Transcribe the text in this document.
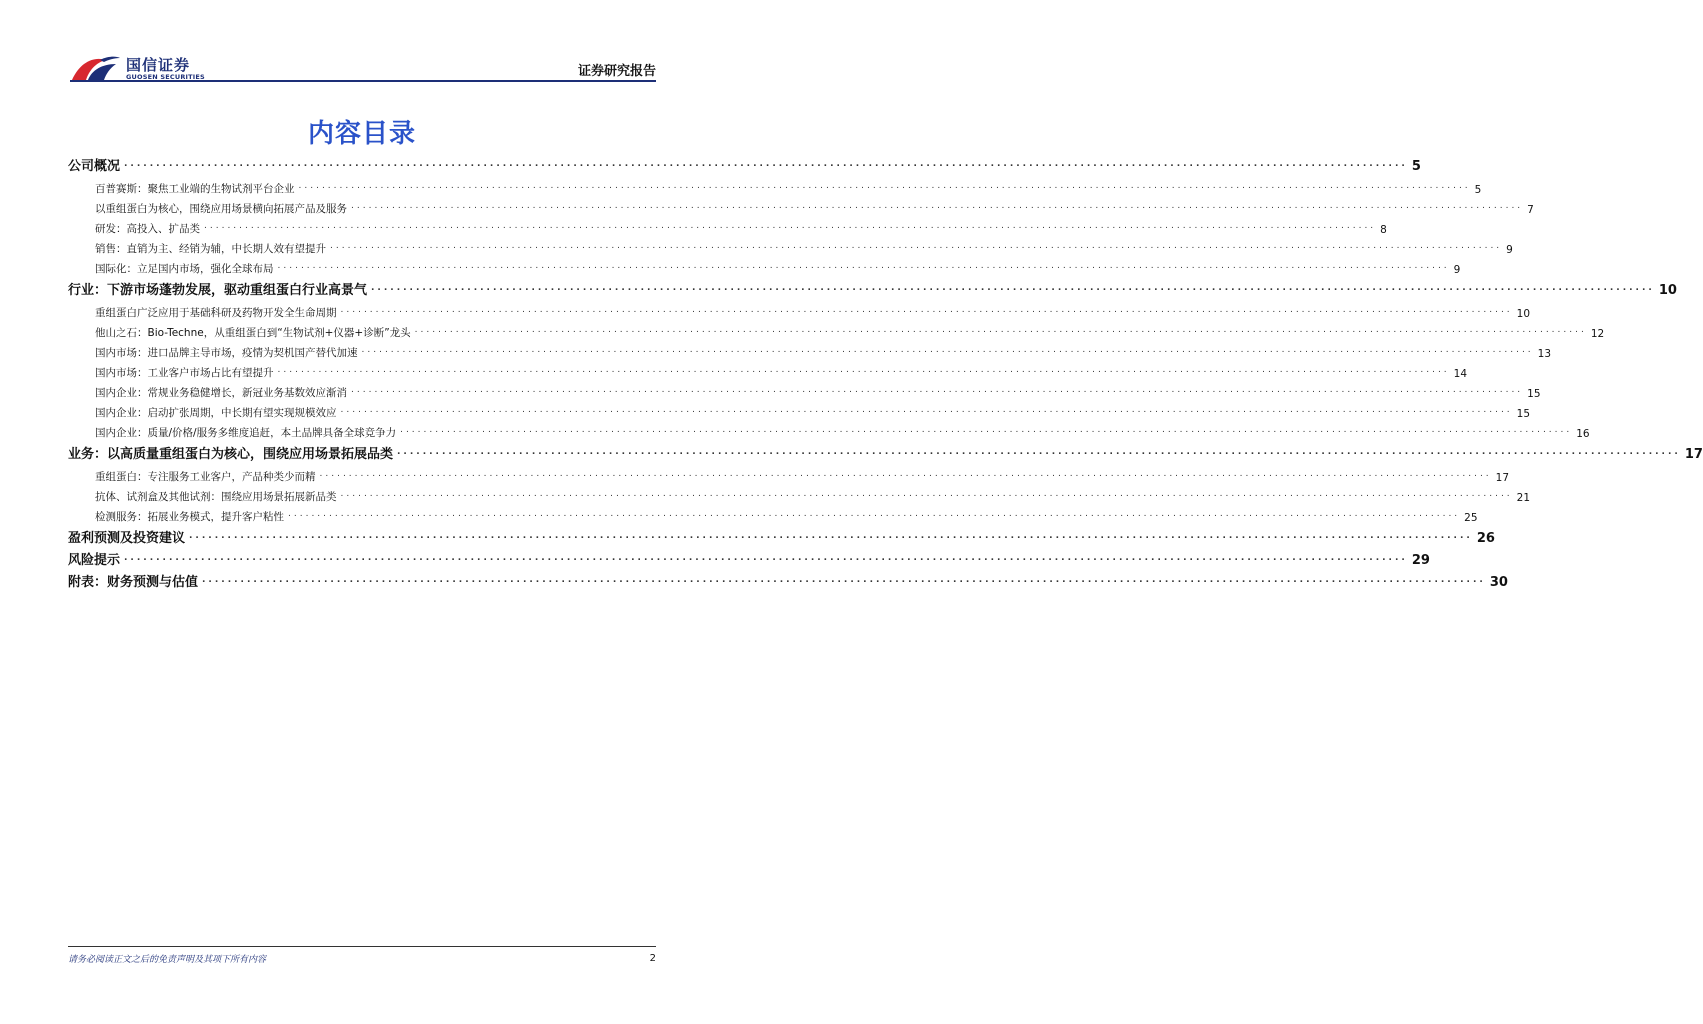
国信证券
GUOSEN SECURITIES	证券研究报告
内容目录
公司概况 ........................................................................................................................................................................................................ 5
百普赛斯：聚焦工业端的生物试剂平台企业 ........................................................................................................................................................................................................ 5
以重组蛋白为核心，围绕应用场景横向拓展产品及服务 ........................................................................................................................................................................................................ 7
研发：高投入、扩品类 ........................................................................................................................................................................................................ 8
销售：直销为主、经销为辅，中长期人效有望提升 ........................................................................................................................................................................................................ 9
国际化：立足国内市场，强化全球布局 ........................................................................................................................................................................................................ 9
行业：下游市场蓬勃发展，驱动重组蛋白行业高景气 ........................................................................................................................................................................................................ 10
重组蛋白广泛应用于基础科研及药物开发全生命周期 ........................................................................................................................................................................................................ 10
他山之石：Bio-Techne，从重组蛋白到“生物试剂+仪器+诊断”龙头 ........................................................................................................................................................................................................ 12
国内市场：进口品牌主导市场，疫情为契机国产替代加速 ........................................................................................................................................................................................................ 13
国内市场：工业客户市场占比有望提升 ........................................................................................................................................................................................................ 14
国内企业：常规业务稳健增长，新冠业务基数效应渐消 ........................................................................................................................................................................................................ 15
国内企业：启动扩张周期，中长期有望实现规模效应 ........................................................................................................................................................................................................ 15
国内企业：质量/价格/服务多维度追赶，本土品牌具备全球竞争力 ........................................................................................................................................................................................................ 16
业务：以高质量重组蛋白为核心，围绕应用场景拓展品类 ........................................................................................................................................................................................................ 17
重组蛋白：专注服务工业客户，产品种类少而精 ........................................................................................................................................................................................................ 17
抗体、试剂盒及其他试剂：围绕应用场景拓展新品类 ........................................................................................................................................................................................................ 21
检测服务：拓展业务模式，提升客户粘性 ........................................................................................................................................................................................................ 25
盈利预测及投资建议 ........................................................................................................................................................................................................ 26
风险提示 ........................................................................................................................................................................................................ 29
附表：财务预测与估值 ........................................................................................................................................................................................................ 30
请务必阅读正文之后的免责声明及其项下所有内容	2
